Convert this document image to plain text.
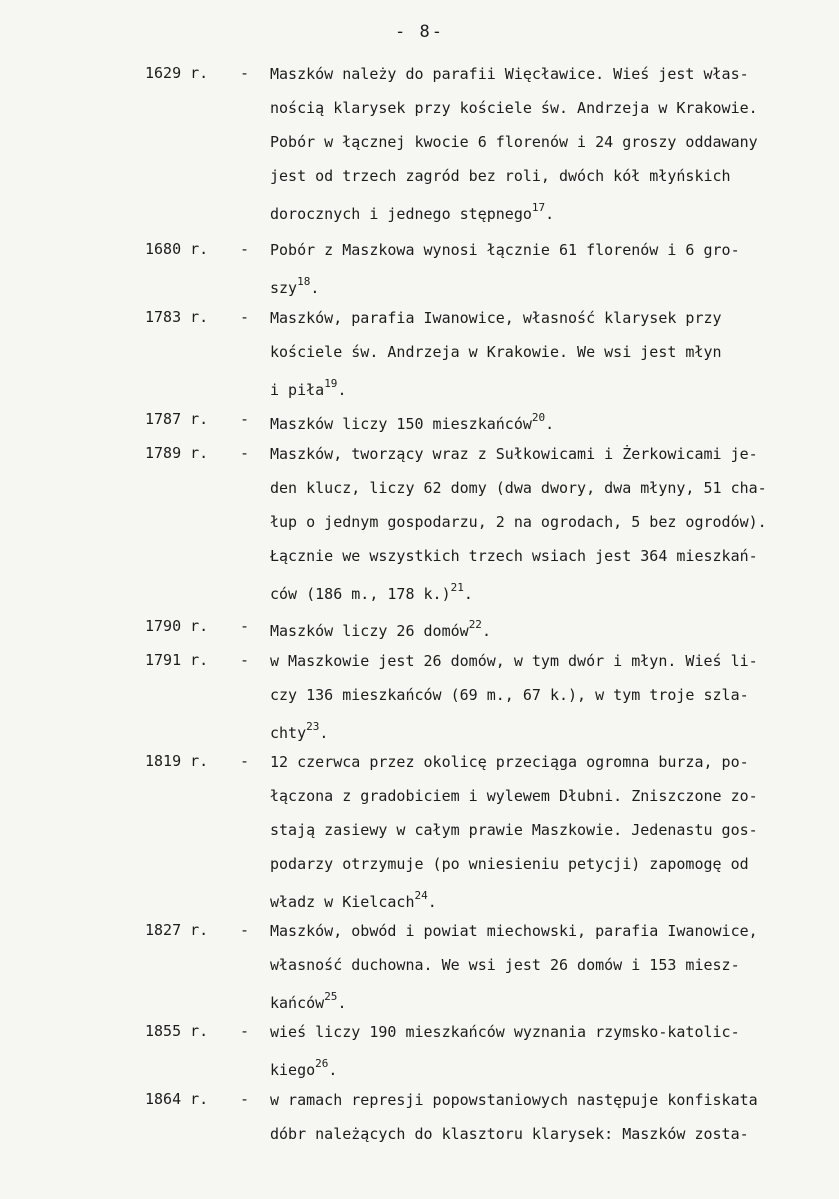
- 8-
1629 r. - Maszków należy do parafii Więcławice. Wieś jest włas-
nością klarysek przy kościele św. Andrzeja w Krakowie.
Pobór w łącznej kwocie 6 florenów i 24 groszy oddawany
jest od trzech zagród bez roli, dwóch kół młyńskich
dorocznych i jednego stępnego$^{17}$.
1680 r. - Pobór z Maszkowa wynosi łącznie 61 florenów i 6 gro-
szy$^{18}$.
1783 r. - Maszków, parafia Iwanowice, własność klarysek przy
kościele św. Andrzeja w Krakowie. We wsi jest młyn
i piła$^{19}$.
1787 r. - Maszków liczy 150 mieszkańców$^{20}$.
1789 r. - Maszków, tworzący wraz z Sułkowicami i Żerkowicami je-
den klucz, liczy 62 domy (dwa dwory, dwa młyny, 51 cha-
łup o jednym gospodarzu, 2 na ogrodach, 5 bez ogrodów).
Łącznie we wszystkich trzech wsiach jest 364 mieszkań-
ców (186 m., 178 k.)$^{21}$.
1790 r. - Maszków liczy 26 domów$^{22}$.
1791 r. - w Maszkowie jest 26 domów, w tym dwór i młyn. Wieś li-
czy 136 mieszkańców (69 m., 67 k.), w tym troje szla-
chty$^{23}$.
1819 r. - 12 czerwca przez okolicę przeciąga ogromna burza, po-
łączona z gradobiciem i wylewem Dłubni. Zniszczone zo-
stają zasiewy w całym prawie Maszkowie. Jedenastu gos-
podarzy otrzymuje (po wniesieniu petycji) zapomogę od
władz w Kielcach$^{24}$.
1827 r. - Maszków, obwód i powiat miechowski, parafia Iwanowice,
własność duchowna. We wsi jest 26 domów i 153 miesz-
kańców$^{25}$.
1855 r. - wieś liczy 190 mieszkańców wyznania rzymsko-katolic-
kiego$^{26}$.
1864 r. - w ramach represji popowstaniowych następuje konfiskata
dóbr należących do klasztoru klarysek: Maszków zosta-
